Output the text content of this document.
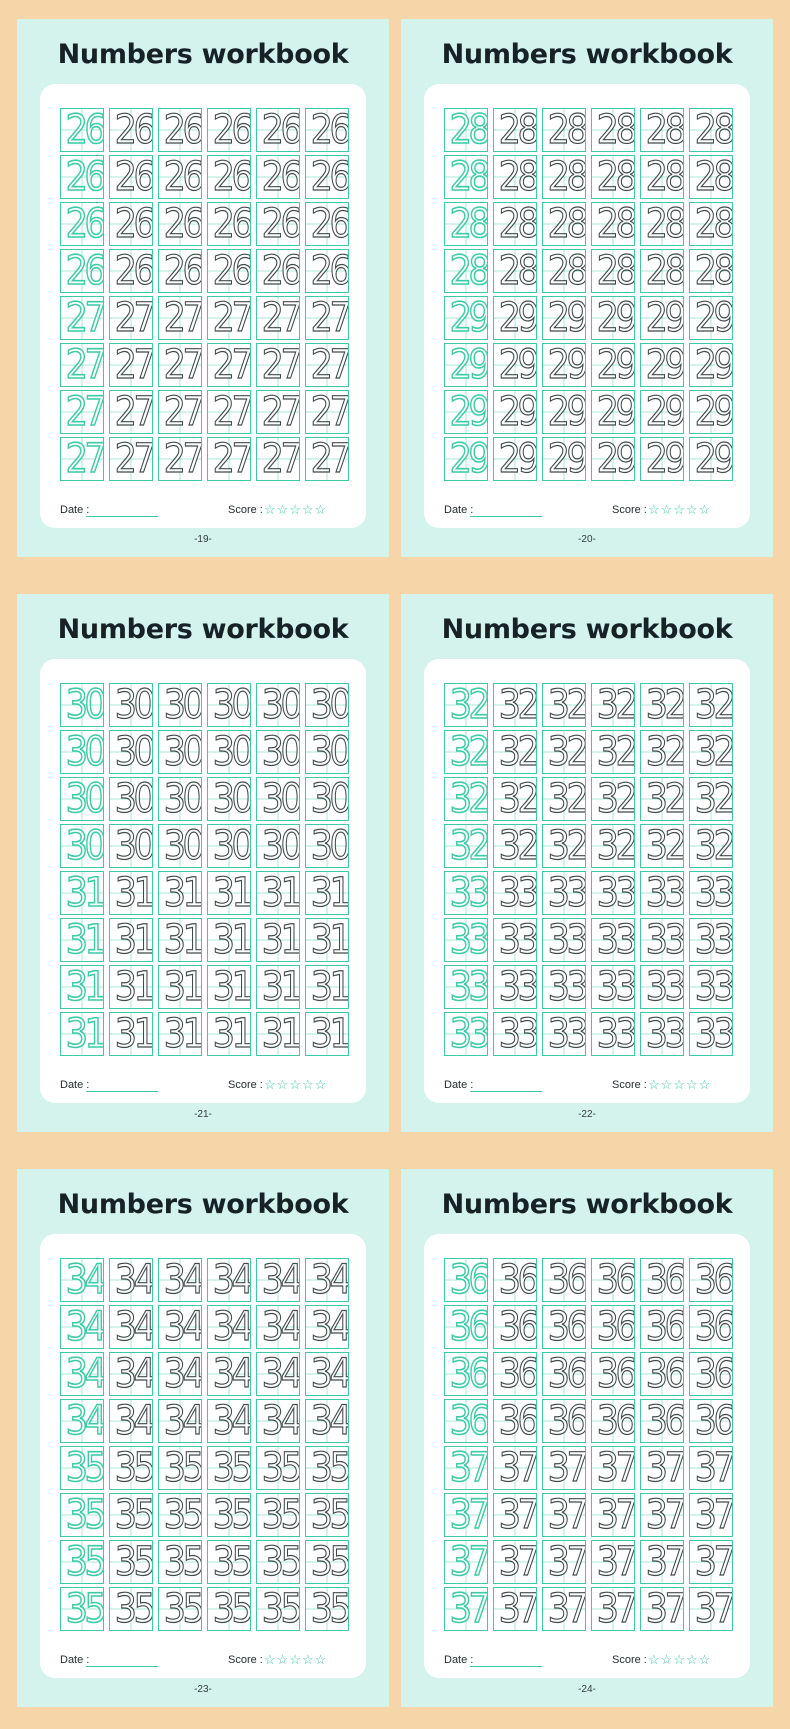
Numbers workbook
26 26 26 26 26 26
26 26 26 26 26 26
26 26 26 26 26 26
26 26 26 26 26 26
27 27 27 27 27 27
27 27 27 27 27 27
27 27 27 27 27 27
27 27 27 27 27 27
Date :	Score : ☆☆☆☆☆
-19-
Numbers workbook
28 28 28 28 28 28
28 28 28 28 28 28
28 28 28 28 28 28
28 28 28 28 28 28
29 29 29 29 29 29
29 29 29 29 29 29
29 29 29 29 29 29
29 29 29 29 29 29
Date :	Score : ☆☆☆☆☆
-20-
Numbers workbook
30 30 30 30 30 30
30 30 30 30 30 30
30 30 30 30 30 30
30 30 30 30 30 30
31 31 31 31 31 31
31 31 31 31 31 31
31 31 31 31 31 31
31 31 31 31 31 31
Date :	Score : ☆☆☆☆☆
-21-
Numbers workbook
32 32 32 32 32 32
32 32 32 32 32 32
32 32 32 32 32 32
32 32 32 32 32 32
33 33 33 33 33 33
33 33 33 33 33 33
33 33 33 33 33 33
33 33 33 33 33 33
Date :	Score : ☆☆☆☆☆
-22-
Numbers workbook
34 34 34 34 34 34
34 34 34 34 34 34
34 34 34 34 34 34
34 34 34 34 34 34
35 35 35 35 35 35
35 35 35 35 35 35
35 35 35 35 35 35
35 35 35 35 35 35
Date :	Score : ☆☆☆☆☆
-23-
Numbers workbook
36 36 36 36 36 36
36 36 36 36 36 36
36 36 36 36 36 36
36 36 36 36 36 36
37 37 37 37 37 37
37 37 37 37 37 37
37 37 37 37 37 37
37 37 37 37 37 37
Date :	Score : ☆☆☆☆☆
-24-
